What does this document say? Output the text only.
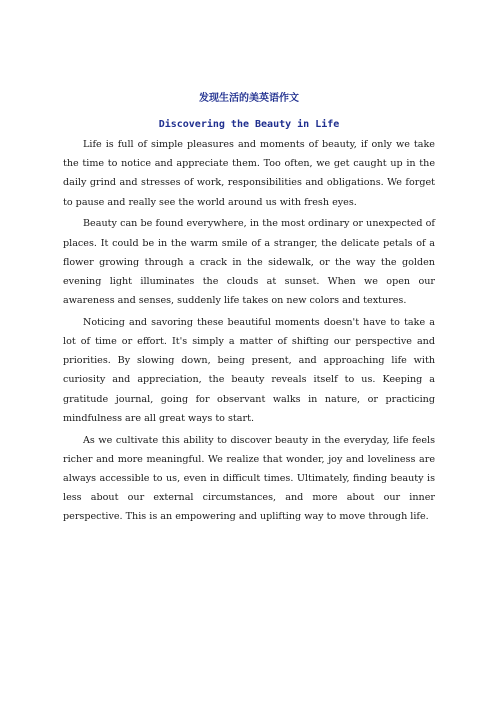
发现生活的美英语作文
Discovering the Beauty in Life

Life is full of simple pleasures and moments of beauty, if only we take the time to notice and appreciate them. Too often, we get caught up in the daily grind and stresses of work, responsibilities and obligations. We forget to pause and really see the world around us with fresh eyes.

Beauty can be found everywhere, in the most ordinary or unexpected of places. It could be in the warm smile of a stranger, the delicate petals of a flower growing through a crack in the sidewalk, or the way the golden evening light illuminates the clouds at sunset. When we open our awareness and senses, suddenly life takes on new colors and textures.

Noticing and savoring these beautiful moments doesn't have to take a lot of time or effort. It's simply a matter of shifting our perspective and priorities. By slowing down, being present, and approaching life with curiosity and appreciation, the beauty reveals itself to us. Keeping a gratitude journal, going for observant walks in nature, or practicing mindfulness are all great ways to start.

As we cultivate this ability to discover beauty in the everyday, life feels richer and more meaningful. We realize that wonder, joy and loveliness are always accessible to us, even in difficult times. Ultimately, finding beauty is less about our external circumstances, and more about our inner perspective. This is an empowering and uplifting way to move through life.
